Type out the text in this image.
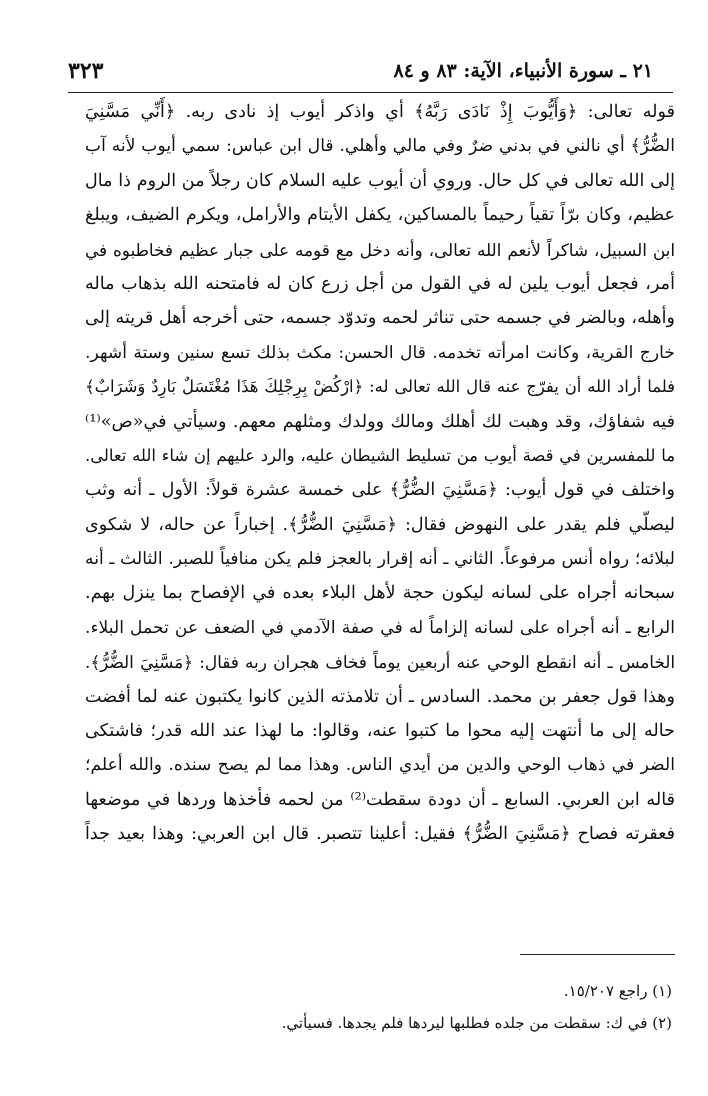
٣٢٣	٢١ ـ سورة الأنبياء، الآية: ٨٣ و ٨٤
قوله تعالى: ﴿وَأَيُّوبَ إِذْ نَادَى رَبَّهُ﴾ أي واذكر أيوب إذ نادى ربه. ﴿أَنِّي مَسَّنِيَ
الضُّرُّ﴾ أي نالني في بدني ضرٌ وفي مالي وأهلي. قال ابن عباس: سمي أيوب لأنه آب
إلى الله تعالى في كل حال. وروي أن أيوب عليه السلام كان رجلاً من الروم ذا مال
عظيم، وكان برّاً تقياً رحيماً بالمساكين، يكفل الأيتام والأرامل، ويكرم الضيف، ويبلغ
ابن السبيل، شاكراً لأنعم الله تعالى، وأنه دخل مع قومه على جبار عظيم فخاطبوه في
أمر، فجعل أيوب يلين له في القول من أجل زرع كان له فامتحنه الله بذهاب ماله
وأهله، وبالضر في جسمه حتى تناثر لحمه وتدوّد جسمه، حتى أخرجه أهل قريته إلى
خارج القرية، وكانت امرأته تخدمه. قال الحسن: مكث بذلك تسع سنين وستة أشهر.
فلما أراد الله أن يفرّج عنه قال الله تعالى له: ﴿ارْكُضْ بِرِجْلِكَ هَذَا مُغْتَسَلٌ بَارِدٌ وَشَرَابٌ﴾
فيه شفاؤك، وقد وهبت لك أهلك ومالك وولدك ومثلهم معهم. وسيأتي في«ص»⁽¹⁾
ما للمفسرين في قصة أيوب من تسليط الشيطان عليه، والرد عليهم إن شاء الله تعالى.
واختلف في قول أيوب: ﴿مَسَّنِيَ الضُّرُّ﴾ على خمسة عشرة قولاً: الأول ـ أنه وثب
ليصلّي فلم يقدر على النهوض فقال: ﴿مَسَّنِيَ الضُّرُّ﴾. إخباراً عن حاله، لا شكوى
لبلائه؛ رواه أنس مرفوعاً. الثاني ـ أنه إقرار بالعجز فلم يكن منافياً للصبر. الثالث ـ أنه
سبحانه أجراه على لسانه ليكون حجة لأهل البلاء بعده في الإفصاح بما ينزل بهم.
الرابع ـ أنه أجراه على لسانه إلزاماً له في صفة الآدمي في الضعف عن تحمل البلاء.
الخامس ـ أنه انقطع الوحي عنه أربعين يوماً فخاف هجران ربه فقال: ﴿مَسَّنِيَ الضُّرُّ﴾.
وهذا قول جعفر بن محمد. السادس ـ أن تلامذته الذين كانوا يكتبون عنه لما أفضت
حاله إلى ما أنتهت إليه محوا ما كتبوا عنه، وقالوا: ما لهذا عند الله قدر؛ فاشتكى
الضر في ذهاب الوحي والدين من أيدي الناس. وهذا مما لم يصح سنده. والله أعلم؛
قاله ابن العربي. السابع ـ أن دودة سقطت⁽²⁾ من لحمه فأخذها وردها في موضعها
فعقرته فصاح ﴿مَسَّنِيَ الضُّرُّ﴾ فقيل: أعلينا تتصبر. قال ابن العربي: وهذا بعيد جداً
(١) راجع ١٥/٢٠٧.
(٢) في ك: سقطت من جلده فطلبها ليردها فلم يجدها. فسيأتي.
